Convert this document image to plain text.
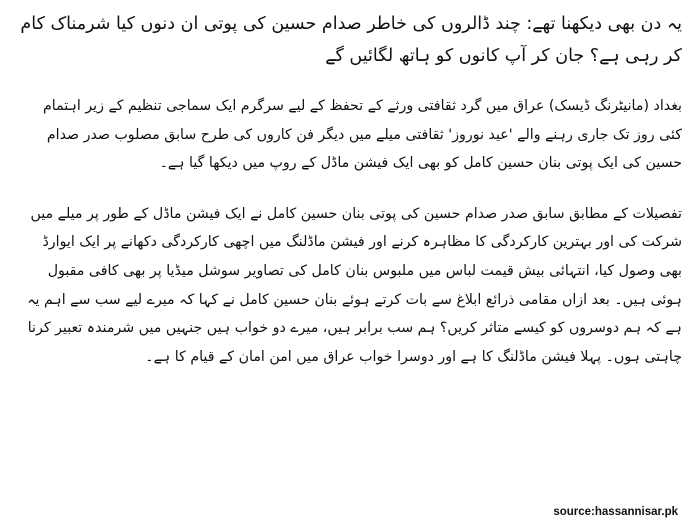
یہ دن بھی دیکھنا تھے: چند ڈالروں کی خاطر صدام حسین کی پوتی ان دنوں کیا شرمناک کام کر رہی ہے؟ جان کر آپ کانوں کو ہاتھ لگائیں گے

بغداد (مانیٹرنگ ڈیسک) عراق میں گرد ثقافتی ورثے کے تحفظ کے لیے سرگرم ایک سماجی تنظیم کے زیر اہتمام کئی روز تک جاری رہنے والے 'عید نوروز' ثقافتی میلے میں دیگر فن کاروں کی طرح سابق مصلوب صدر صدام حسین کی ایک پوتی بنان حسین کامل کو بھی ایک فیشن ماڈل کے روپ میں دیکھا گیا ہے۔

تفصیلات کے مطابق سابق صدر صدام حسین کی پوتی بنان حسین کامل نے ایک فیشن ماڈل کے طور پر میلے میں شرکت کی اور بہترین کارکردگی کا مظاہرہ کرنے اور فیشن ماڈلنگ میں اچھی کارکردگی دکھانے پر ایک ایوارڈ بھی وصول کیا، انتہائی بیش قیمت لباس میں ملبوس بنان کامل کی تصاویر سوشل میڈیا پر بھی کافی مقبول ہوئی ہیں۔ بعد ازاں مقامی ذرائع ابلاغ سے بات کرتے ہوئے بنان حسین کامل نے کہا کہ میرے لیے سب سے اہم یہ ہے کہ ہم دوسروں کو کیسے متاثر کریں؟ ہم سب برابر ہیں، میرے دو خواب ہیں جنہیں میں شرمندہ تعبیر کرنا چاہتی ہوں۔ پہلا فیشن ماڈلنگ کا ہے اور دوسرا خواب عراق میں امن امان کے قیام کا ہے۔

source:hassannisar.pk
